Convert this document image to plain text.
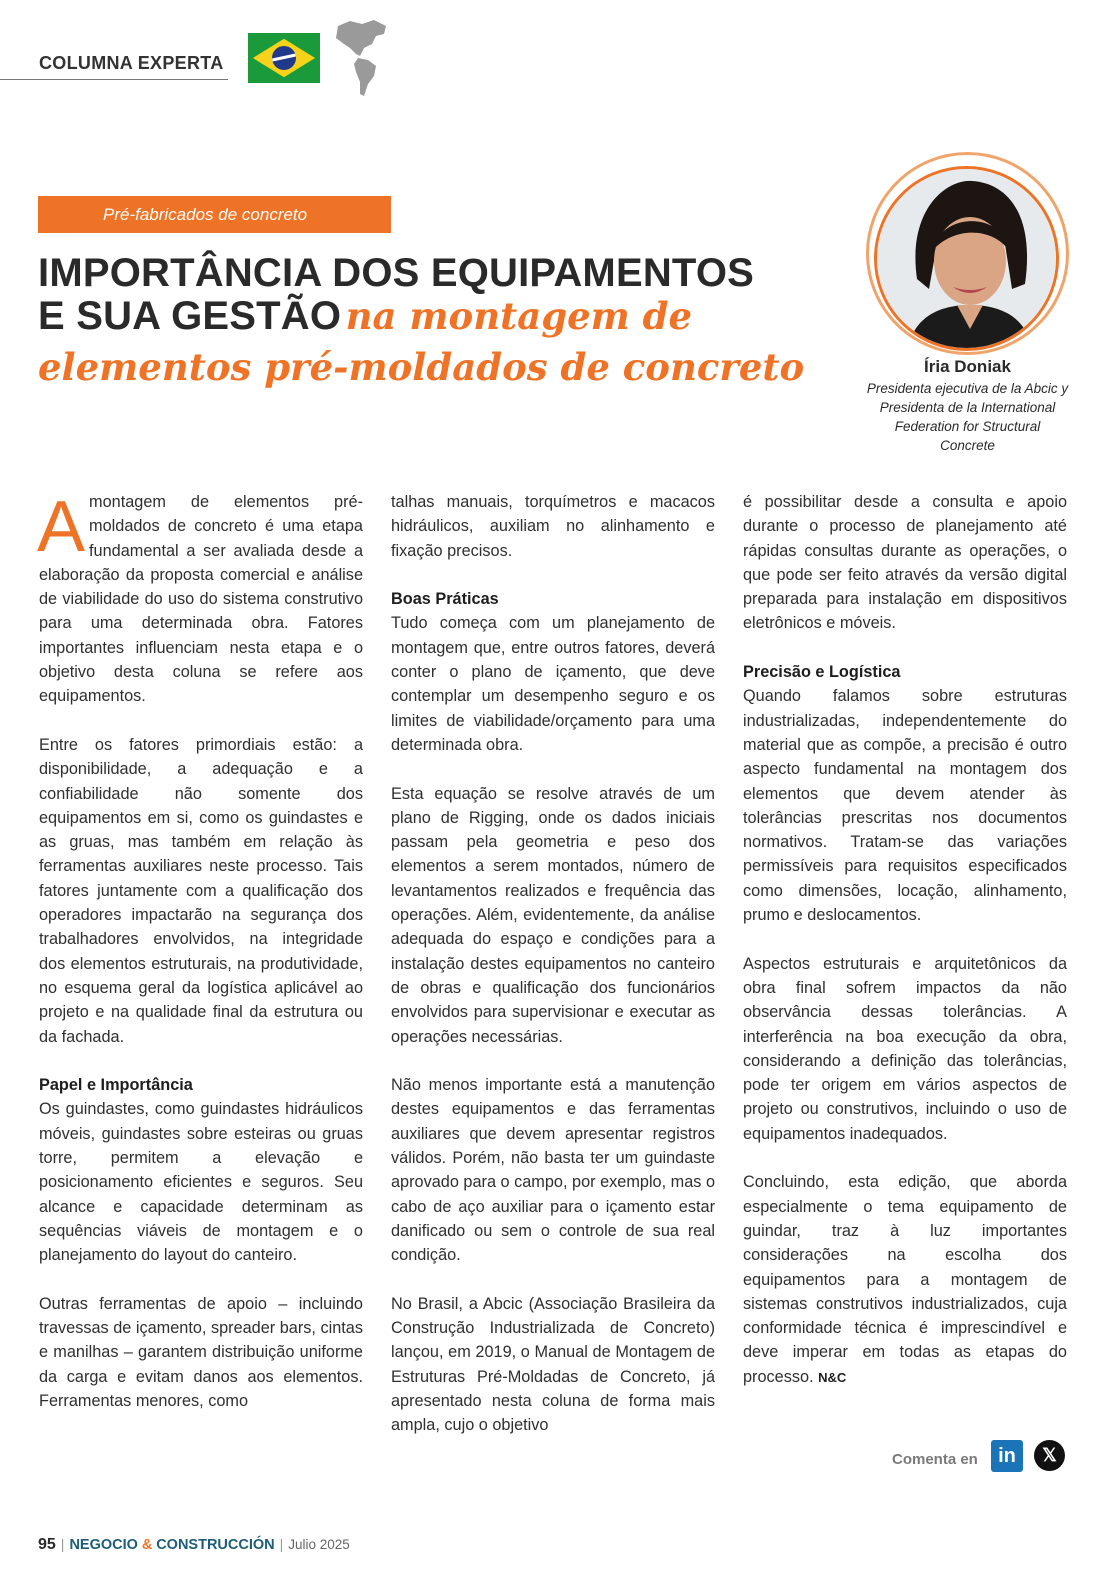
COLUMNA EXPERTA
Pré-fabricados de concreto
IMPORTÂNCIA DOS EQUIPAMENTOS
E SUA GESTÃO na montagem de
elementos pré-moldados de concreto	Íria Doniak
Presidenta ejecutiva de la Abcic y Presidenta de la International Federation for Structural Concrete

A montagem de elementos pré-moldados de concreto é uma etapa fundamental a ser avaliada desde a elaboração da proposta comercial e análise de viabilidade do uso do sistema construtivo para uma determinada obra. Fatores importantes influenciam nesta etapa e o objetivo desta coluna se refere aos equipamentos.

Entre os fatores primordiais estão: a disponibilidade, a adequação e a confiabilidade não somente dos equipamentos em si, como os guindastes e as gruas, mas também em relação às ferramentas auxiliares neste processo. Tais fatores juntamente com a qualificação dos operadores impactarão na segurança dos trabalhadores envolvidos, na integridade dos elementos estruturais, na produtividade, no esquema geral da logística aplicável ao projeto e na qualidade final da estrutura ou da fachada.

Papel e Importância

Os guindastes, como guindastes hidráulicos móveis, guindastes sobre esteiras ou gruas torre, permitem a elevação e posicionamento eficientes e seguros. Seu alcance e capacidade determinam as sequências viáveis de montagem e o planejamento do layout do canteiro.

Outras ferramentas de apoio – incluindo travessas de içamento, spreader bars, cintas e manilhas – garantem distribuição uniforme da carga e evitam danos aos elementos. Ferramentas menores, como

talhas manuais, torquímetros e macacos hidráulicos, auxiliam no alinhamento e fixação precisos.

Boas Práticas

Tudo começa com um planejamento de montagem que, entre outros fatores, deverá conter o plano de içamento, que deve contemplar um desempenho seguro e os limites de viabilidade/orçamento para uma determinada obra.

Esta equação se resolve através de um plano de Rigging, onde os dados iniciais passam pela geometria e peso dos elementos a serem montados, número de levantamentos realizados e frequência das operações. Além, evidentemente, da análise adequada do espaço e condições para a instalação destes equipamentos no canteiro de obras e qualificação dos funcionários envolvidos para supervisionar e executar as operações necessárias.

Não menos importante está a manutenção destes equipamentos e das ferramentas auxiliares que devem apresentar registros válidos. Porém, não basta ter um guindaste aprovado para o campo, por exemplo, mas o cabo de aço auxiliar para o içamento estar danificado ou sem o controle de sua real condição.

No Brasil, a Abcic (Associação Brasileira da Construção Industrializada de Concreto) lançou, em 2019, o Manual de Montagem de Estruturas Pré-Moldadas de Concreto, já apresentado nesta coluna de forma mais ampla, cujo o objetivo

é possibilitar desde a consulta e apoio durante o processo de planejamento até rápidas consultas durante as operações, o que pode ser feito através da versão digital preparada para instalação em dispositivos eletrônicos e móveis.

Precisão e Logística

Quando falamos sobre estruturas industrializadas, independentemente do material que as compõe, a precisão é outro aspecto fundamental na montagem dos elementos que devem atender às tolerâncias prescritas nos documentos normativos. Tratam-se das variações permissíveis para requisitos especificados como dimensões, locação, alinhamento, prumo e deslocamentos.

Aspectos estruturais e arquitetônicos da obra final sofrem impactos da não observância dessas tolerâncias. A interferência na boa execução da obra, considerando a definição das tolerâncias, pode ter origem em vários aspectos de projeto ou construtivos, incluindo o uso de equipamentos inadequados.

Concluindo, esta edição, que aborda especialmente o tema equipamento de guindar, traz à luz importantes considerações na escolha dos equipamentos para a montagem de sistemas construtivos industrializados, cuja conformidade técnica é imprescindível e deve imperar em todas as etapas do processo. N&C

Comenta en	in	𝕏
95 | NEGOCIO & CONSTRUCCIÓN | Julio 2025
